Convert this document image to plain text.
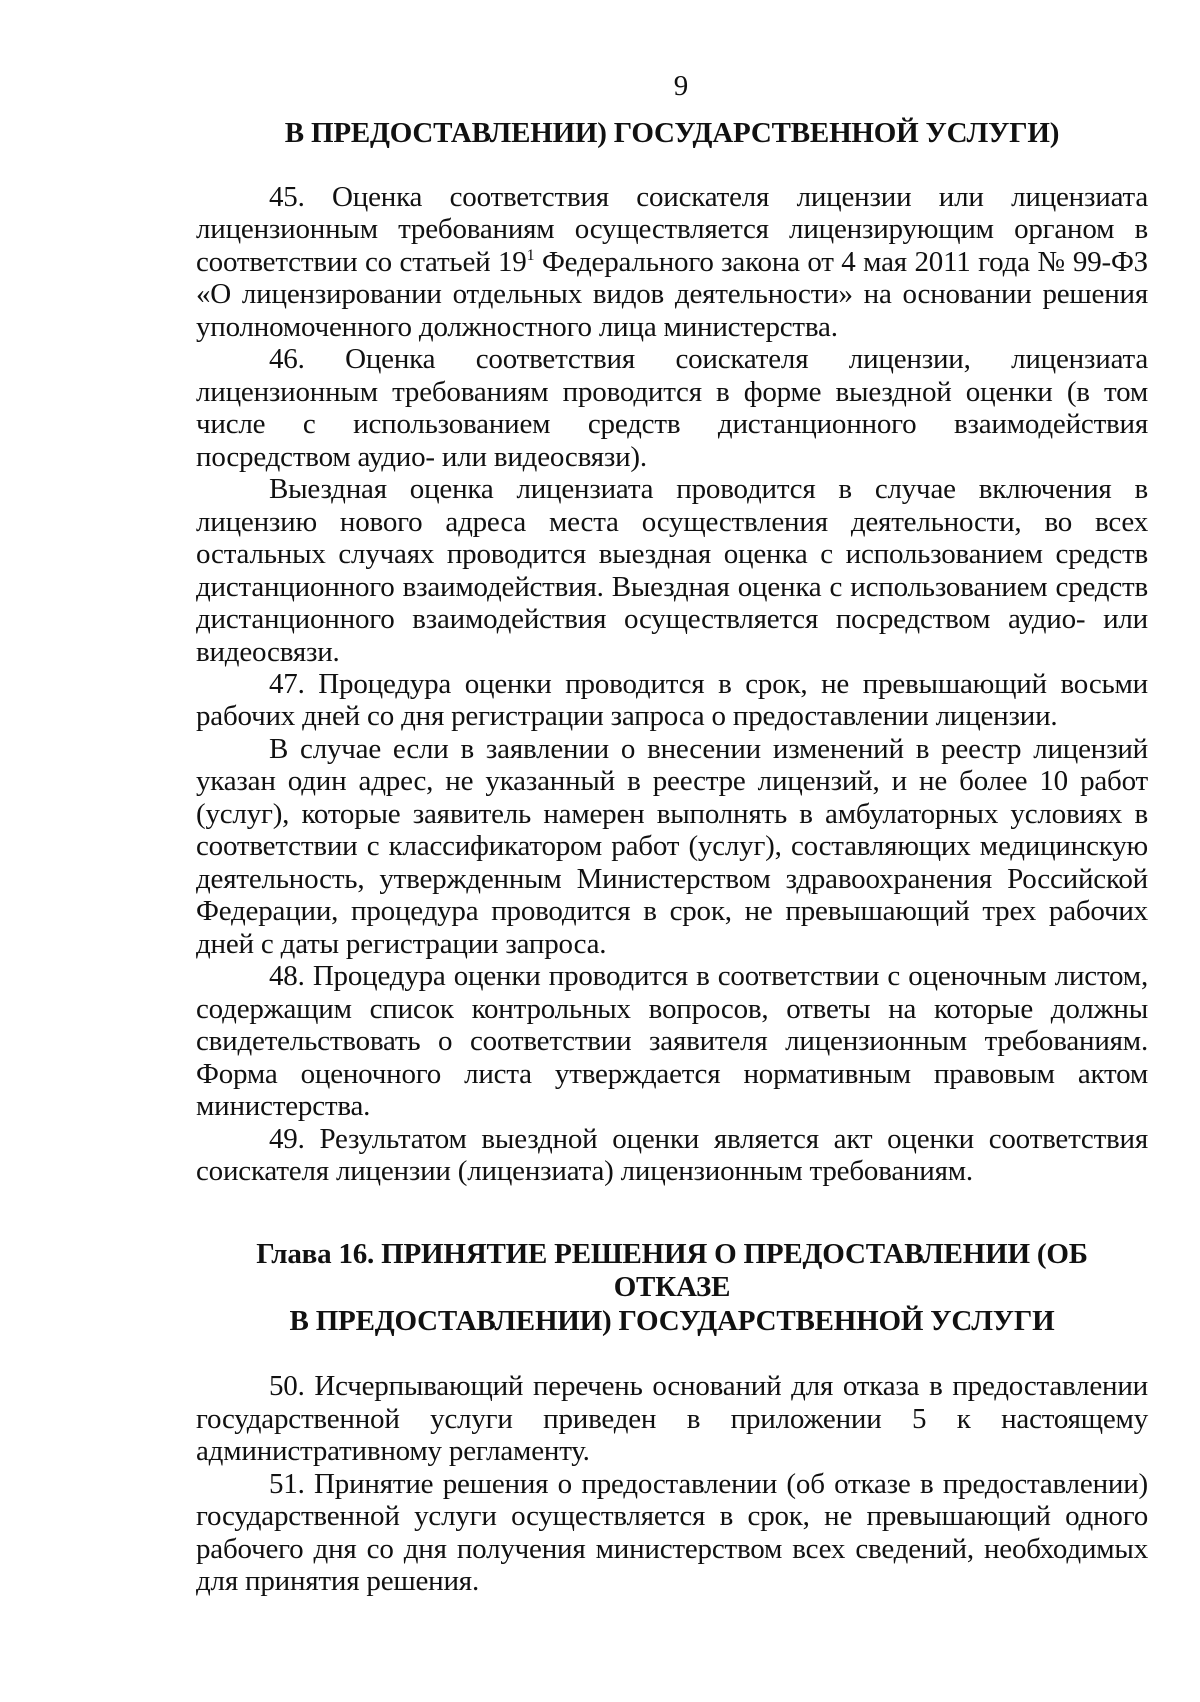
9
В ПРЕДОСТАВЛЕНИИ) ГОСУДАРСТВЕННОЙ УСЛУГИ)

45. Оценка соответствия соискателя лицензии или лицензиата лицензионным требованиям осуществляется лицензирующим органом в соответствии со статьей $19^1$ Федерального закона от 4 мая 2011 года № 99-ФЗ «О лицензировании отдельных видов деятельности» на основании решения уполномоченного должностного лица министерства.

46. Оценка соответствия соискателя лицензии, лицензиата лицензионным требованиям проводится в форме выездной оценки (в том числе с использованием средств дистанционного взаимодействия посредством аудио- или видеосвязи).

Выездная оценка лицензиата проводится в случае включения в лицензию нового адреса места осуществления деятельности, во всех остальных случаях проводится выездная оценка с использованием средств дистанционного взаимодействия. Выездная оценка с использованием средств дистанционного взаимодействия осуществляется посредством аудио- или видеосвязи.

47. Процедура оценки проводится в срок, не превышающий восьми рабочих дней со дня регистрации запроса о предоставлении лицензии.

В случае если в заявлении о внесении изменений в реестр лицензий указан один адрес, не указанный в реестре лицензий, и не более 10 работ (услуг), которые заявитель намерен выполнять в амбулаторных условиях в соответствии с классификатором работ (услуг), составляющих медицинскую деятельность, утвержденным Министерством здравоохранения Российской Федерации, процедура проводится в срок, не превышающий трех рабочих дней с даты регистрации запроса.

48. Процедура оценки проводится в соответствии с оценочным листом, содержащим список контрольных вопросов, ответы на которые должны свидетельствовать о соответствии заявителя лицензионным требованиям. Форма оценочного листа утверждается нормативным правовым актом министерства.

49. Результатом выездной оценки является акт оценки соответствия соискателя лицензии (лицензиата) лицензионным требованиям.

Глава 16. ПРИНЯТИЕ РЕШЕНИЯ О ПРЕДОСТАВЛЕНИИ (ОБ ОТКАЗЕ
В ПРЕДОСТАВЛЕНИИ) ГОСУДАРСТВЕННОЙ УСЛУГИ

50. Исчерпывающий перечень оснований для отказа в предоставлении государственной услуги приведен в приложении 5 к настоящему административному регламенту.

51. Принятие решения о предоставлении (об отказе в предоставлении) государственной услуги осуществляется в срок, не превышающий одного рабочего дня со дня получения министерством всех сведений, необходимых для принятия решения.
